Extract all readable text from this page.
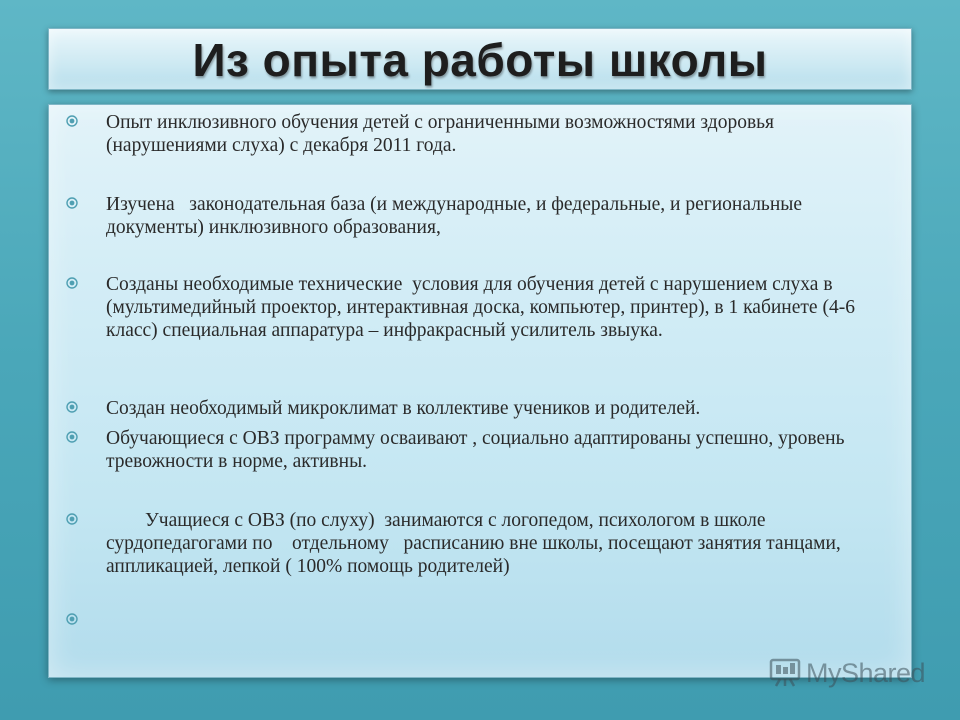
Из опыта работы школы
Опыт инклюзивного обучения детей с ограниченными возможностями здоровья (нарушениями слуха) с декабря 2011 года.
Изучена   законодательная база (и международные, и федеральные, и региональные документы) инклюзивного образования,
Созданы необходимые технические  условия для обучения детей с нарушением слуха в  (мультимедийный проектор, интерактивная доска, компьютер, принтер), в 1 кабинете (4-6 класс) специальная аппаратура – инфракрасный усилитель звыука.
Создан необходимый микроклимат в коллективе учеников и родителей.
Обучающиеся с ОВЗ программу осваивают , социально адаптированы успешно, уровень тревожности в норме, активны.
Учащиеся с ОВЗ (по слуху)  занимаются с логопедом, психологом в школе сурдопедагогами по    отдельному   расписанию вне школы, посещают занятия танцами, аппликацией, лепкой ( 100% помощь родителей)
MyShared
